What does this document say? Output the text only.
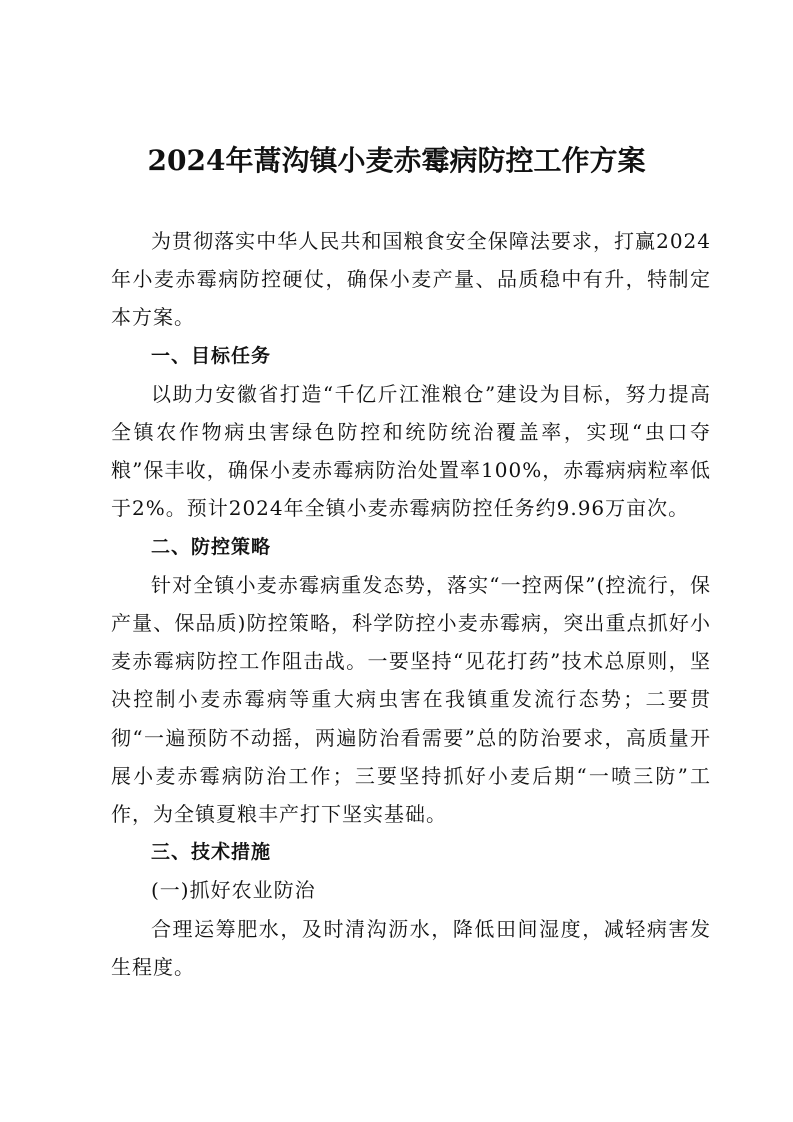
2024年蒿沟镇小麦赤霉病防控工作方案

为贯彻落实中华人民共和国粮食安全保障法要求，打赢2024年小麦赤霉病防控硬仗，确保小麦产量、品质稳中有升，特制定本方案。

一、目标任务

以助力安徽省打造“千亿斤江淮粮仓”建设为目标，努力提高全镇农作物病虫害绿色防控和统防统治覆盖率，实现“虫口夺粮”保丰收，确保小麦赤霉病防治处置率100%，赤霉病病粒率低于2%。预计2024年全镇小麦赤霉病防控任务约9.96万亩次。

二、防控策略

针对全镇小麦赤霉病重发态势，落实“一控两保”(控流行，保产量、保品质)防控策略，科学防控小麦赤霉病，突出重点抓好小麦赤霉病防控工作阻击战。一要坚持“见花打药”技术总原则，坚决控制小麦赤霉病等重大病虫害在我镇重发流行态势；二要贯彻“一遍预防不动摇，两遍防治看需要”总的防治要求，高质量开展小麦赤霉病防治工作；三要坚持抓好小麦后期“一喷三防”工作，为全镇夏粮丰产打下坚实基础。

三、技术措施

(一)抓好农业防治

合理运筹肥水，及时清沟沥水，降低田间湿度，减轻病害发生程度。
